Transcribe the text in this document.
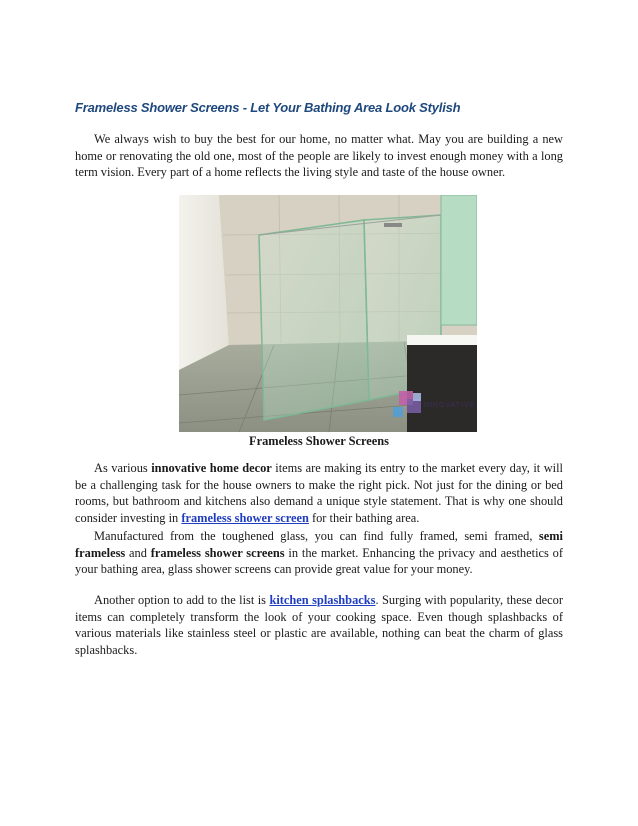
Frameless Shower Screens - Let Your Bathing Area Look Stylish

We always wish to buy the best for our home, no matter what. May you are building a new home or renovating the old one, most of the people are likely to invest enough money with a long term vision. Every part of a home reflects the living style and taste of the house owner.

INNOVATIVE

Frameless Shower Screens

As various innovative home decor items are making its entry to the market every day, it will be a challenging task for the house owners to make the right pick. Not just for the dining or bed rooms, but bathroom and kitchens also demand a unique style statement. That is why one should consider investing in frameless shower screen for their bathing area.

Manufactured from the toughened glass, you can find fully framed, semi framed, semi frameless and frameless shower screens in the market. Enhancing the privacy and aesthetics of your bathing area, glass shower screens can provide great value for your money.

Another option to add to the list is kitchen splashbacks. Surging with popularity, these decor items can completely transform the look of your cooking space. Even though splashbacks of various materials like stainless steel or plastic are available, nothing can beat the charm of glass splashbacks.
